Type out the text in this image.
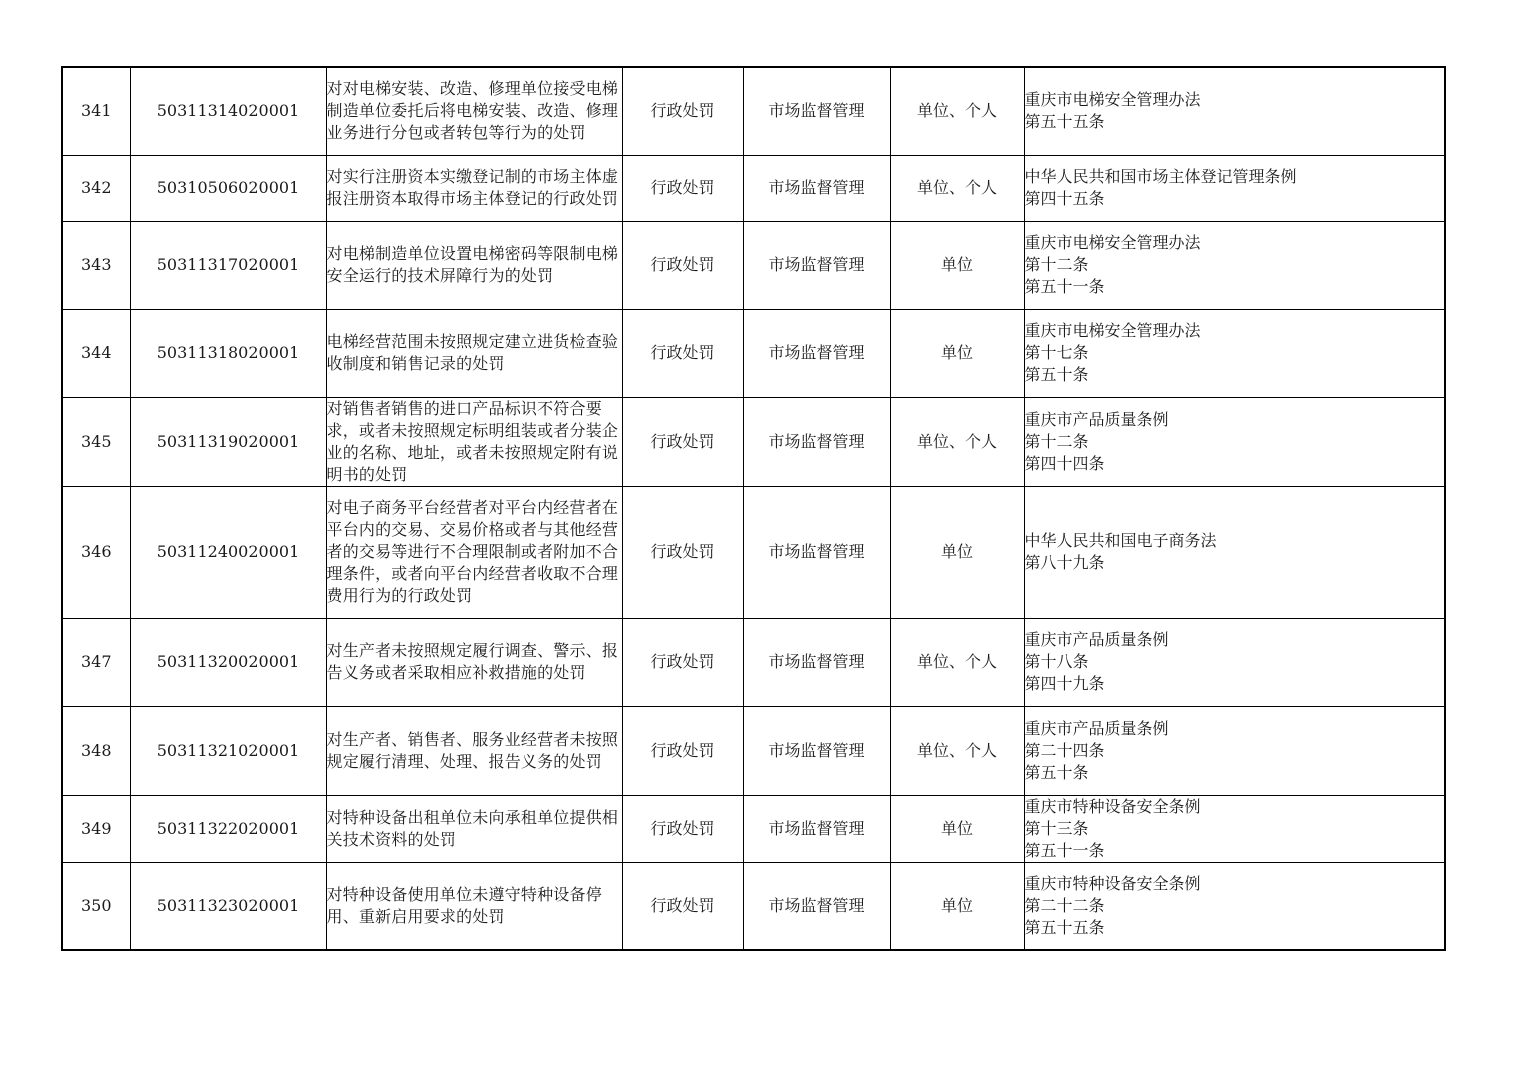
341	50311314020001	对对电梯安装、改造、修理单位接受电梯制造单位委托后将电梯安装、改造、修理业务进行分包或者转包等行为的处罚	行政处罚	市场监督管理	单位、个人	重庆市电梯安全管理办法
第五十五条

342	50310506020001	对实行注册资本实缴登记制的市场主体虚报注册资本取得市场主体登记的行政处罚	行政处罚	市场监督管理	单位、个人	中华人民共和国市场主体登记管理条例
第四十五条

343	50311317020001	对电梯制造单位设置电梯密码等限制电梯安全运行的技术屏障行为的处罚	行政处罚	市场监督管理	单位	重庆市电梯安全管理办法
第十二条
第五十一条

344	50311318020001	电梯经营范围未按照规定建立进货检查验收制度和销售记录的处罚	行政处罚	市场监督管理	单位	重庆市电梯安全管理办法
第十七条
第五十条

345	50311319020001	对销售者销售的进口产品标识不符合要求，或者未按照规定标明组装或者分装企业的名称、地址，或者未按照规定附有说明书的处罚	行政处罚	市场监督管理	单位、个人	重庆市产品质量条例
第十二条
第四十四条

346	50311240020001	对电子商务平台经营者对平台内经营者在平台内的交易、交易价格或者与其他经营者的交易等进行不合理限制或者附加不合理条件，或者向平台内经营者收取不合理费用行为的行政处罚	行政处罚	市场监督管理	单位	中华人民共和国电子商务法
第八十九条

347	50311320020001	对生产者未按照规定履行调查、警示、报告义务或者采取相应补救措施的处罚	行政处罚	市场监督管理	单位、个人	重庆市产品质量条例
第十八条
第四十九条

348	50311321020001	对生产者、销售者、服务业经营者未按照规定履行清理、处理、报告义务的处罚	行政处罚	市场监督管理	单位、个人	重庆市产品质量条例
第二十四条
第五十条

349	50311322020001	对特种设备出租单位未向承租单位提供相关技术资料的处罚	行政处罚	市场监督管理	单位	重庆市特种设备安全条例
第十三条
第五十一条

350	50311323020001	对特种设备使用单位未遵守特种设备停用、重新启用要求的处罚	行政处罚	市场监督管理	单位	重庆市特种设备安全条例
第二十二条
第五十五条
